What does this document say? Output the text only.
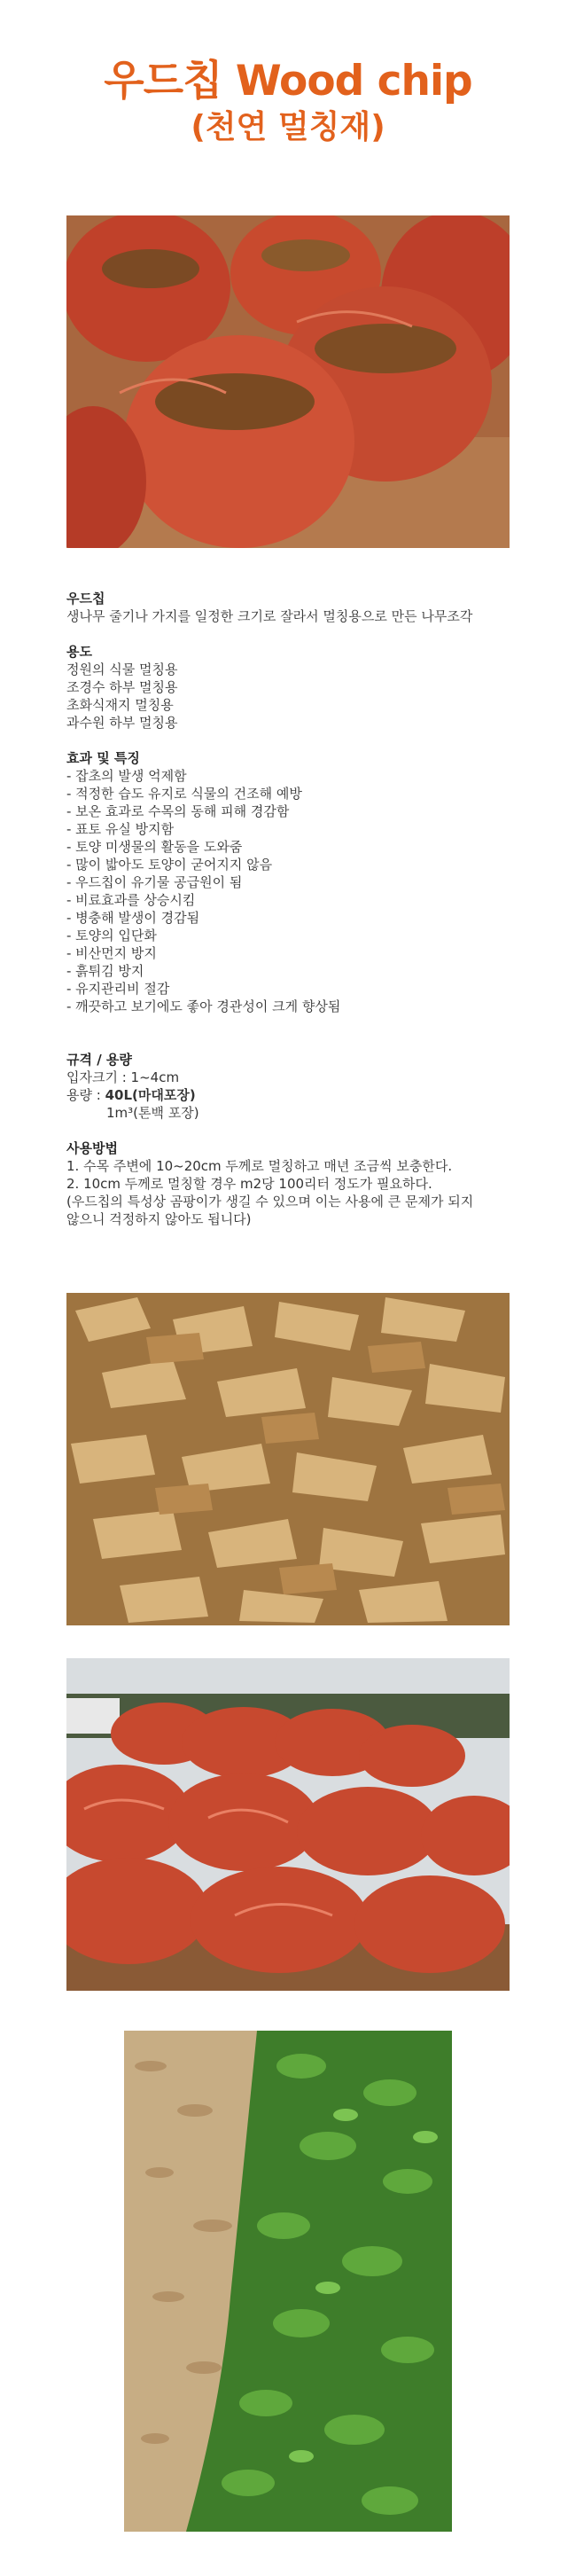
우드칩 Wood chip
(천연 멀칭재)

우드칩

생나무 줄기나 가지를 일정한 크기로 잘라서 멀칭용으로 만든 나무조각

용도

정원의 식물 멀칭용

조경수 하부 멀칭용

초화식재지 멀칭용

과수원 하부 멀칭용

효과 및 특징

- 잡초의 발생 억제함

- 적정한 습도 유지로 식물의 건조해 예방

- 보온 효과로 수목의 동해 피해 경감함

- 표토 유실 방지함

- 토양 미생물의 활동을 도와줌

- 많이 밟아도 토양이 굳어지지 않음

- 우드칩이 유기물 공급원이 됨

- 비료효과를 상승시킴

- 병충해 발생이 경감됨

- 토양의 입단화

- 비산먼지 방지

- 흙튀김 방지

- 유지관리비 절감

- 깨끗하고 보기에도 좋아 경관성이 크게 향상됨

규격 / 용량

입자크기 : 1~4cm

용량 : 40L(마대포장)

1m³(톤백 포장)

사용방법

1. 수목 주변에 10~20cm 두께로 멀칭하고 매년 조금씩 보충한다.

2. 10cm 두께로 멀칭할 경우 m2당 100리터 정도가 필요하다.

(우드칩의 특성상 곰팡이가 생길 수 있으며 이는 사용에 큰 문제가 되지

않으니 걱정하지 않아도 됩니다)
